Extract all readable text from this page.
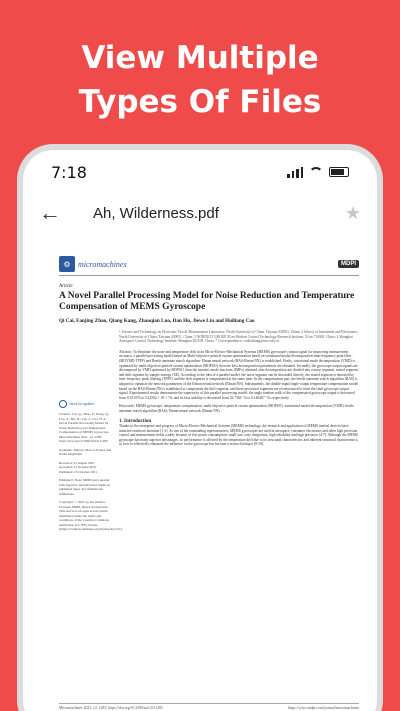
View Multiple
Types Of Files
7:18
← Ah, Wilderness.pdf	★
⚙ micromachines	MDPI
Article
A Novel Parallel Processing Model for Noise Reduction and Temperature Compensation of MEMS Gyroscope
Qi Cai, Fanjing Zhao, Qiang Kang, Zhaoqian Luo, Dan Hu, Jiewe Liu and Huiliang Cao
check for updates
Citation: Cai, Q.; Zhao, F.; Kang, Q.; Luo, Z.; Hu, D.; Liu, J.; Cao, H. A Novel Parallel Processing Model for Noise Reduction and Temperature Compensation of MEMS Gyroscope. Micromachines 2021, 12, 1285. https://doi.org/10.3390/mi12111285
Academic Editors: Marcos Fontes and Nadia Mojtabahi
Received: 25 August 2021
Accepted: 21 October 2021
Published: 25 October 2021
Publisher's Note: MDPI stays neutral with regard to jurisdictional claims in published maps and institutional affiliations.
Copyright: © 2021 by the authors. Licensee MDPI, Basel, Switzerland. This article is an open access article distributed under the terms and conditions of the Creative Commons Attribution (CC BY) license (https://creativecommons.org/licenses/by/4.0/).
1 Science and Technology on Electronic Test & Measurement Laboratory, North University of China, Taiyuan 030051, China; 2 School of Instrument and Electronics, North University of China, Taiyuan 030051, China; 3 NORINCO GROUP Xi'an Modern Control Technology Research Institute, Xi'an 710065, China; 4 Shanghai Aerospace Control Technology Institute, Shanghai 201109, China; * Correspondence: caohuiliang@nuc.edu.cn
Abstract: To eliminate the noise and temperature drift in an Micro-Electro-Mechanical Systems (MEMS) gyroscope's output signal for improving measurement accuracy, a parallel processing model based on Multi-objective particle swarm optimization based on variational modal decomposition-time-frequency peak filter (MOVMD-TFPF) and Beetle antennae search algorithm- Elman neural network (BAS-Elman NN) is established. Firstly, variational mode decomposition (VMD) is optimized by multi-objective particle swarm optimization (MOPSO), then the best decomposition parameters are obtained. Secondly, the gyroscope output signals are decomposed by VMD optimized by MOPSO, then the intrinsic mode functions (IMFs) obtained after decomposition are divided into a noise segment, mixed segment, and drift segment by sample entropy (SE). According to the idea of a parallel model, the noise segment can be discarded directly, the mixed segment is denoised by time-frequency peak filtering (TFPF), and the drift segment is compensated at the same time. In the compensation part, the beetle antennae search algorithm (BAS) is adopted to optimize the network parameters of the Elman neural network (Elman NN). Subsequently, the double-input/single-output temperature compensation model based on the BAS-Elman NN is established to compensate the drift segment, and these processed segments are reconstructed to form the final gyroscope output signal. Experimental results demonstrate the superiority of this parallel processing model; the angle random walk of the compensated gyroscope output is decreased from 0.531076 to 5.22502 × 10⁻³ °/h, and its bias stability is decreased from 32.7364 °/h to 0.140467 °/h, respectively.
Keywords: MEMS gyroscope; temperature compensation; multi-objective particle swarm optimization (MOPSO); variational modal decomposition (VMD); beetle antennae search algorithm (BAS); Elman neural network (Elman NN)
1. Introduction
Thanks to the emergence and progress of Micro-Electro-Mechanical Systems (MEMS) technology, the research and application of MEMS inertial devices have attracted extensive attention [1-3]. As one of the outstanding representatives, MEMS gyroscopes are used in aerospace, consumer electronics and other high precision control and measurement fields widely because of low power consumption, small size, easy integration, high reliability and high precision [4-7]. Although the MEMS gyroscope has many superior advantages, its performance is affected by the temperature drift due to its structural characteristics and inherent structural characteristics, so how to effectively eliminate the influence on the gyroscope has become a research hotspot [8-10].
Micromachines 2021, 12, 1285. https://doi.org/10.3390/mi12111285	https://www.mdpi.com/journal/micromachines
